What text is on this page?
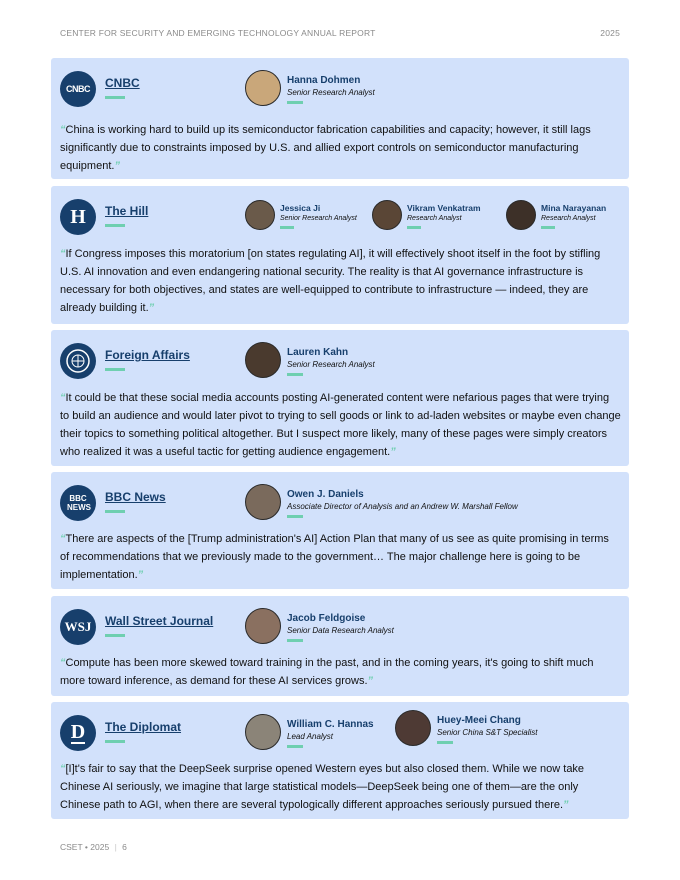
CENTER FOR SECURITY AND EMERGING TECHNOLOGY ANNUAL REPORT	2025
CNBC CNBC	Hanna Dohmen
Senior Research Analyst

“China is working hard to build up its semiconductor fabrication capabilities and capacity; however, it still lags significantly due to constraints imposed by U.S. and allied export controls on semiconductor manufacturing equipment.”

H The Hill	Jessica Ji
Senior Research Analyst
Vikram Venkatram
Research Analyst
Mina Narayanan
Research Analyst

“If Congress imposes this moratorium [on states regulating AI], it will effectively shoot itself in the foot by stifling U.S. AI innovation and even endangering national security. The reality is that AI governance infrastructure is necessary for both objectives, and states are well-equipped to contribute to infrastructure — indeed, they are already building it.”

Foreign Affairs	Lauren Kahn
Senior Research Analyst

“It could be that these social media accounts posting AI-generated content were nefarious pages that were trying to build an audience and would later pivot to trying to sell goods or link to ad-laden websites or maybe even change their topics to something political altogether. But I suspect more likely, many of these pages were simply creators who realized it was a useful tactic for getting audience engagement.”

BBC NEWS
BBC News	Owen J. Daniels
Associate Director of Analysis and an Andrew W. Marshall Fellow

“There are aspects of the [Trump administration's AI] Action Plan that many of us see as quite promising in terms of recommendations that we previously made to the government… The major challenge here is going to be implementation.”

WSJ Wall Street Journal	Jacob Feldgoise
Senior Data Research Analyst

“Compute has been more skewed toward training in the past, and in the coming years, it's going to shift much more toward inference, as demand for these AI services grows.”

D The Diplomat	William C. Hannas
Lead Analyst
Huey-Meei Chang
Senior China S&T Specialist

“[I]t's fair to say that the DeepSeek surprise opened Western eyes but also closed them. While we now take Chinese AI seriously, we imagine that large statistical models—DeepSeek being one of them—are the only Chinese path to AGI, when there are several typologically different approaches seriously pursued there.”

CSET • 2025 | 6
